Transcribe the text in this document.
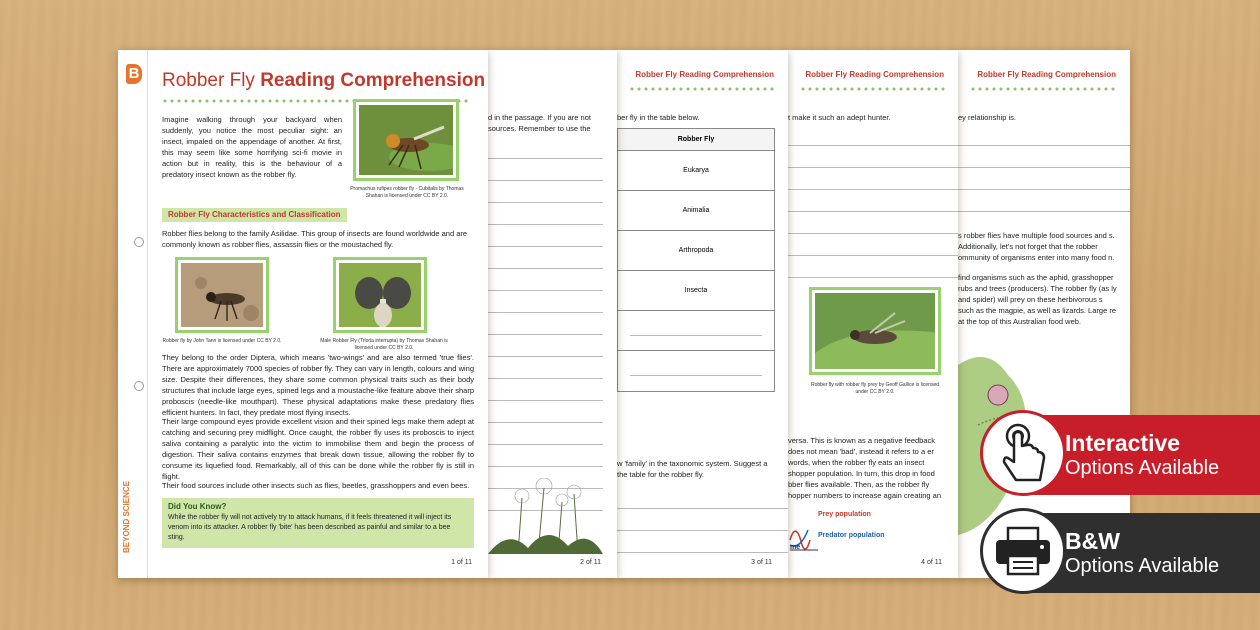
Robber Fly Reading Comprehension
ey relationship is.
s robber flies have multiple food sources and s. Additionally, let's not forget that the robber ommunity of organisms enter into many food n.
find organisms such as the aphid, grasshopper rubs and trees (producers). The robber fly (as ly and spider) will prey on these herbivorous s such as the magpie, as well as lizards. Large re at the top of this Australian food web.
Robber Fly Reading Comprehension
t make it such an adept hunter.
Robber fly with robber fly prey by Geoff Gallice is licensed under CC BY 2.0.
versa. This is known as a negative feedback does not mean 'bad', instead it refers to a er words, when the robber fly eats an insect shopper population. In turn, this drop in food bber flies available. Then, as the robber fly hopper numbers to increase again creating an
Prey population
Predator population
me
4 of 11
Robber Fly Reading Comprehension
ber fly in the table below.
Robber Fly
Eukarya
Animalia
Arthropoda
Insecta
w 'family' in the taxonomic system. Suggest a the table for the robber fly.
3 of 11
d in the passage. If you are not sources. Remember to use the
2 of 11
B
BEYOND SCIENCE
Robber Fly Reading Comprehension
Imagine walking through your backyard when suddenly, you notice the most peculiar sight: an insect, impaled on the appendage of another. At first, this may seem like some horrifying sci-fi movie in action but in reality, this is the behaviour of a predatory insect known as the robber fly.
Promachus rufipes robber fly - Cubitalis by Thomas Shahan is licensed under CC BY 2.0.
Robber Fly Characteristics and Classification
Robber flies belong to the family Asilidae. This group of insects are found worldwide and are commonly known as robber flies, assassin flies or the moustached fly.
Robber fly by John Tann is licensed under CC BY 2.0.	Male Robber Fly (Triorla interrupta) by Thomas Shahan is licensed under CC BY 2.0.
They belong to the order Diptera, which means 'two-wings' and are also termed 'true flies'. There are approximately 7000 species of robber fly. They can vary in length, colours and wing size. Despite their differences, they share some common physical traits such as their body structures that include large eyes, spined legs and a moustache-like feature above their sharp proboscis (needle-like mouthpart). These physical adaptations make these predatory flies efficient hunters. In fact, they predate most flying insects.
Their large compound eyes provide excellent vision and their spined legs make them adept at catching and securing prey midflight. Once caught, the robber fly uses its proboscis to inject saliva containing a paralytic into the victim to immobilise them and begin the process of digestion. Their saliva contains enzymes that break down tissue, allowing the robber fly to consume its liquefied food. Remarkably, all of this can be done while the robber fly is still in flight.
Their food sources include other insects such as flies, beetles, grasshoppers and even bees.
Did You Know?
While the robber fly will not actively try to attack humans, if it feels threatened it will inject its venom into its attacker. A robber fly 'bite' has been described as painful and similar to a bee sting.
1 of 11
Interactive
Options Available
B&W
Options Available
